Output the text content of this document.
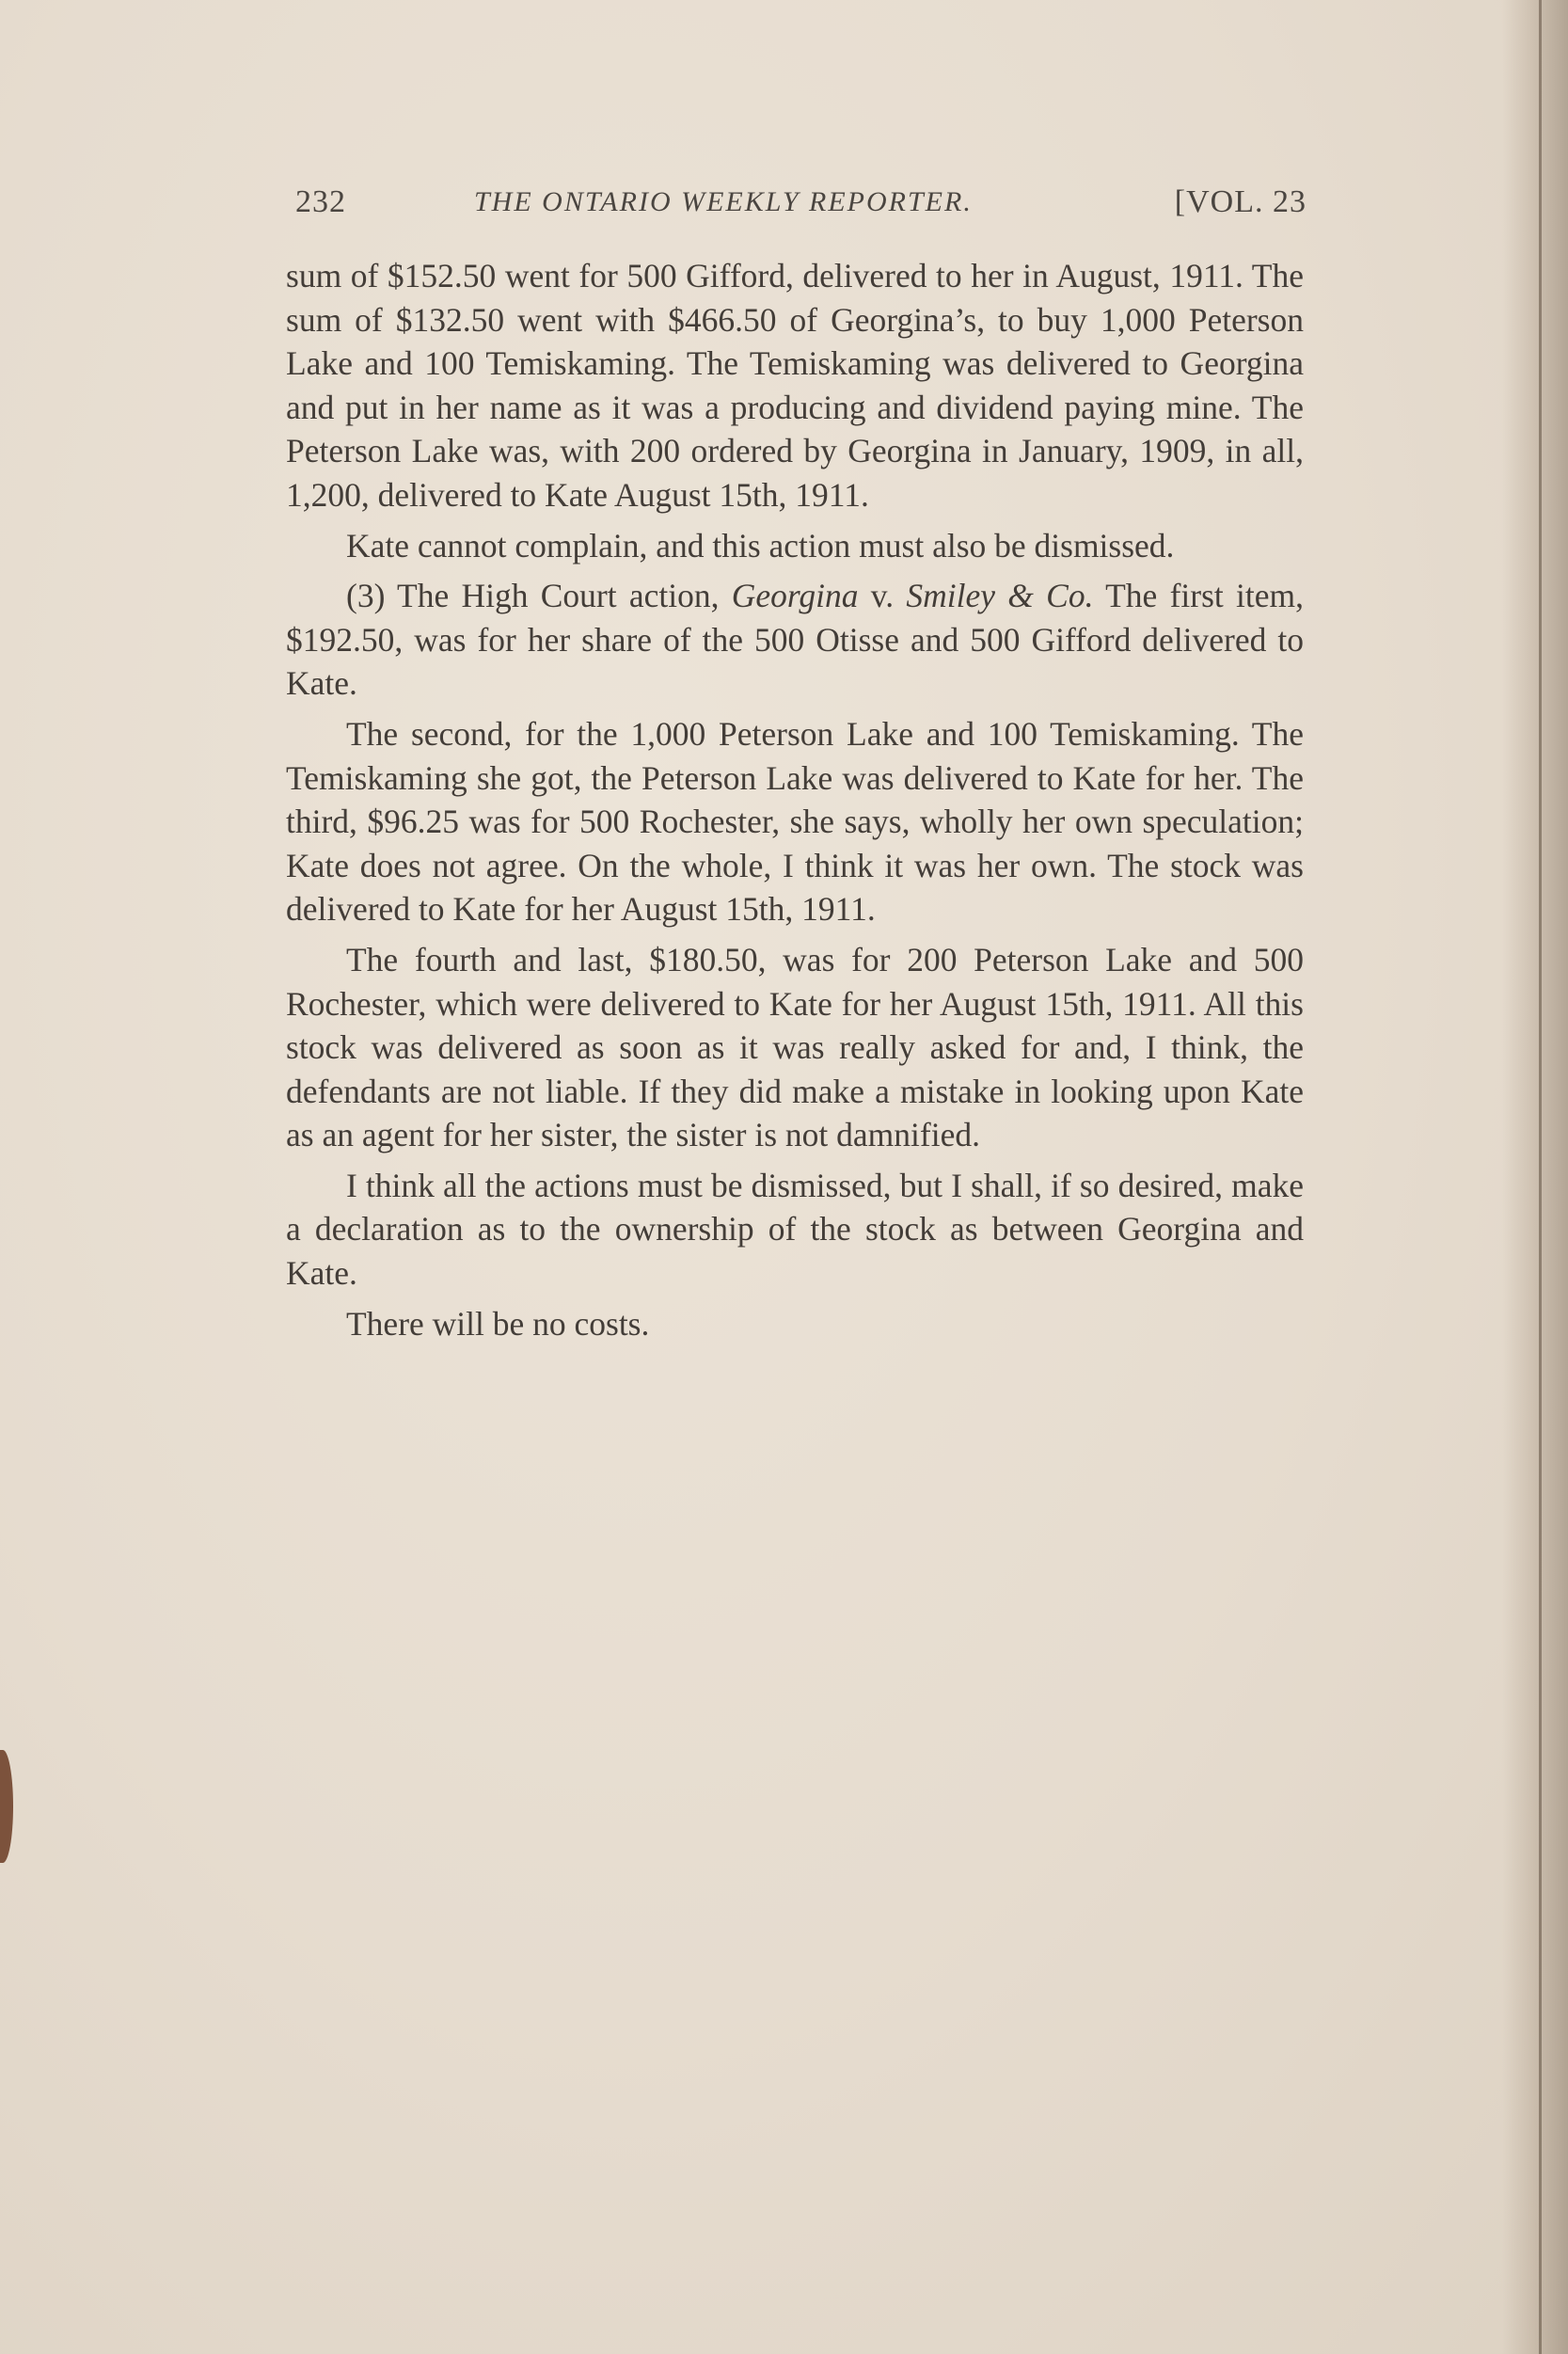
232	THE ONTARIO WEEKLY REPORTER.	[VOL. 23

sum of $152.50 went for 500 Gifford, delivered to her in August, 1911. The sum of $132.50 went with $466.50 of Georgina’s, to buy 1,000 Peterson Lake and 100 Temiskaming. The Temiskaming was delivered to Georgina and put in her name as it was a producing and dividend paying mine. The Peterson Lake was, with 200 ordered by Georgina in January, 1909, in all, 1,200, delivered to Kate August 15th, 1911.

Kate cannot complain, and this action must also be dismissed.

(3) The High Court action, Georgina v. Smiley & Co. The first item, $192.50, was for her share of the 500 Otisse and 500 Gifford delivered to Kate.

The second, for the 1,000 Peterson Lake and 100 Temiskaming. The Temiskaming she got, the Peterson Lake was delivered to Kate for her. The third, $96.25 was for 500 Rochester, she says, wholly her own speculation; Kate does not agree. On the whole, I think it was her own. The stock was delivered to Kate for her August 15th, 1911.

The fourth and last, $180.50, was for 200 Peterson Lake and 500 Rochester, which were delivered to Kate for her August 15th, 1911. All this stock was delivered as soon as it was really asked for and, I think, the defendants are not liable. If they did make a mistake in looking upon Kate as an agent for her sister, the sister is not damnified.

I think all the actions must be dismissed, but I shall, if so desired, make a declaration as to the ownership of the stock as between Georgina and Kate.

There will be no costs.
